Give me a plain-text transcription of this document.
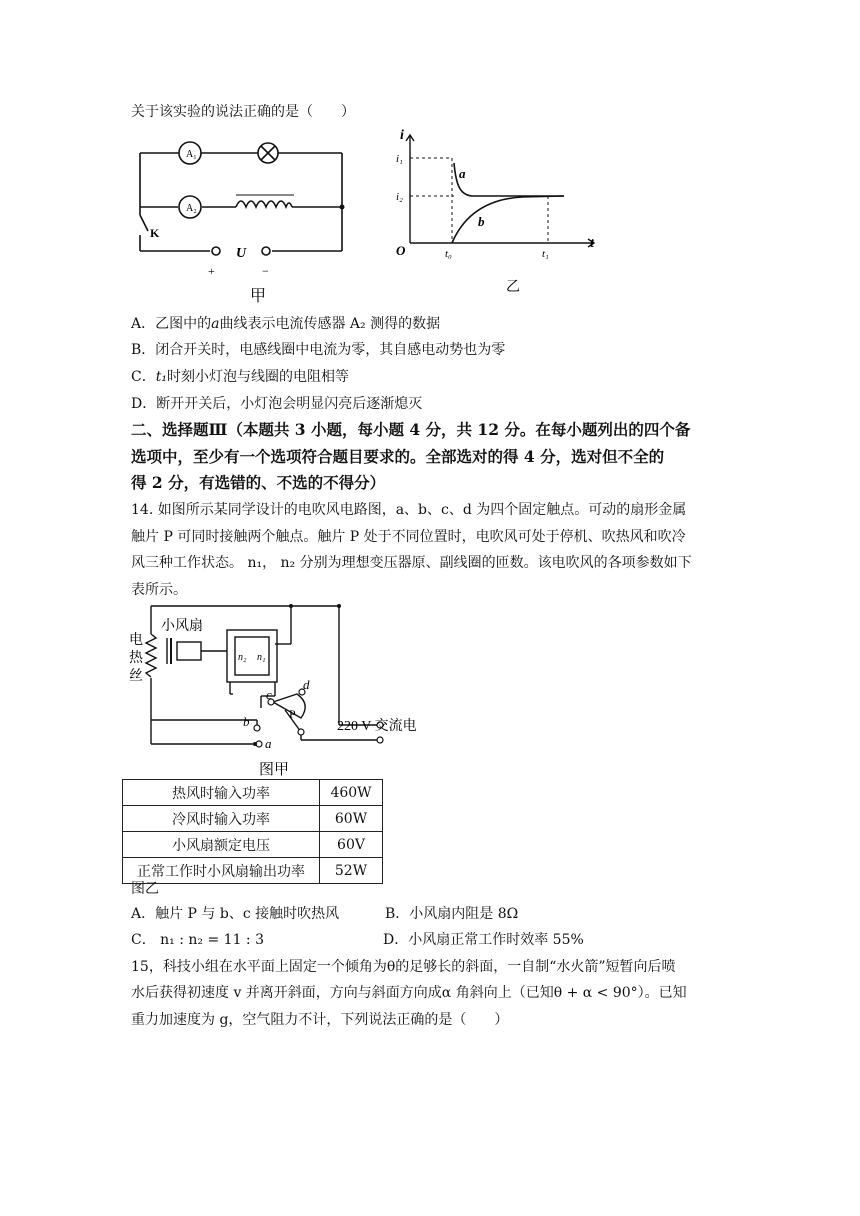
关于该实验的说法正确的是（　　）
A₁
A₂
K
U
+	−
甲
i
t
O
i₁
i₂
a
b
t₀	t₁
乙
A．乙图中的a曲线表示电流传感器 A₂ 测得的数据
B．闭合开关时，电感线圈中电流为零，其自感电动势也为零
C．t₁时刻小灯泡与线圈的电阻相等
D．断开开关后，小灯泡会明显闪亮后逐渐熄灭
二、选择题Ⅲ（本题共 3 小题，每小题 4 分，共 12 分。在每小题列出的四个备
选项中，至少有一个选项符合题目要求的。全部选对的得 4 分，选对但不全的
得 2 分，有选错的、不选的不得分）
14. 如图所示某同学设计的电吹风电路图，a、b、c、d 为四个固定触点。可动的扇形金属
触片 P 可同时接触两个触点。触片 P 处于不同位置时，电吹风可处于停机、吹热风和吹冷
风三种工作状态。 n₁， n₂ 分别为理想变压器原、副线圈的匝数。该电吹风的各项参数如下
表所示。
小风扇
电
热
丝
n₂ n₁
c
d
b
a
P
220 V 交流电
图甲
热风时输入功率	460W
冷风时输入功率	60W
小风扇额定电压	60V
正常工作时小风扇输出功率	52W
图乙
A．触片 P 与 b、c 接触时吹热风	B．小风扇内阻是 8Ω
C． n₁ : n₂ = 11 : 3	D．小风扇正常工作时效率 55%
15，科技小组在水平面上固定一个倾角为θ的足够长的斜面，一自制“水火箭”短暂向后喷
水后获得初速度 v 并离开斜面，方向与斜面方向成α 角斜向上（已知θ + α < 90°）。已知
重力加速度为 g，空气阻力不计，下列说法正确的是（　　）
